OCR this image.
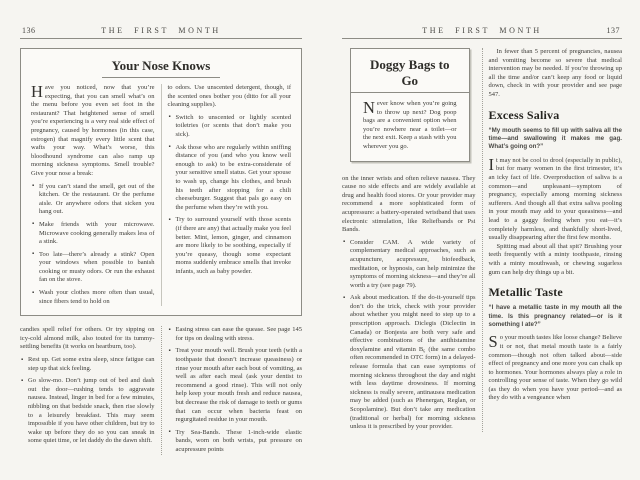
136	THE FIRST MONTH
Your Nose Knows

Have you noticed, now that you’re expecting, that you can smell what’s on the menu before you even set foot in the restaurant? That heightened sense of smell you’re experiencing is a very real side effect of pregnancy, caused by hormones (in this case, estrogen) that magnify every little scent that wafts your way. What’s worse, this bloodhound syndrome can also ramp up morning sickness symptoms. Smell trouble? Give your nose a break:

▪ If you can’t stand the smell, get out of the kitchen. Or the restaurant. Or the perfume aisle. Or anywhere odors that sicken you hang out.
▪ Make friends with your microwave. Microwave cooking generally makes less of a stink.
▪ Too late—there’s already a stink? Open your windows when possible to banish cooking or musty odors. Or run the exhaust fan on the stove.
▪ Wash your clothes more often than usual, since fibers tend to hold on

to odors. Use unscented detergent, though, if the scented ones bother you (ditto for all your cleaning supplies).

▪ Switch to unscented or lightly scented toiletries (or scents that don’t make you sick).
▪ Ask those who are regularly within sniffing distance of you (and who you know well enough to ask) to be extra-considerate of your sensitive smell status. Get your spouse to wash up, change his clothes, and brush his teeth after stopping for a chili cheeseburger. Suggest that pals go easy on the perfume when they’re with you.
▪ Try to surround yourself with those scents (if there are any) that actually make you feel better. Mint, lemon, ginger, and cinnamon are more likely to be soothing, especially if you’re queasy, though some expectant moms suddenly embrace smells that invoke infants, such as baby powder.

candies spell relief for others. Or try sipping on icy-cold almond milk, also touted for its tummy-settling benefits (it works on heartburn, too).

▪ Rest up. Get some extra sleep, since fatigue can step up that sick feeling.
▪ Go slow-mo. Don’t jump out of bed and dash out the door—rushing tends to aggravate nausea. Instead, linger in bed for a few minutes, nibbling on that bedside snack, then rise slowly to a leisurely breakfast. This may seem impossible if you have other children, but try to wake up before they do so you can sneak in some quiet time, or let daddy do the dawn shift.
▪ Easing stress can ease the quease. See page 145 for tips on dealing with stress.
▪ Treat your mouth well. Brush your teeth (with a toothpaste that doesn’t increase queasiness) or rinse your mouth after each bout of vomiting, as well as after each meal (ask your dentist to recommend a good rinse). This will not only help keep your mouth fresh and reduce nausea, but decrease the risk of damage to teeth or gums that can occur when bacteria feast on regurgitated residue in your mouth.
▪ Try Sea-Bands. These 1-inch-wide elastic bands, worn on both wrists, put pressure on acupressure points
THE FIRST MONTH	137
Doggy Bags to Go

Never know when you’re going to throw up next? Dog poop bags are a convenient option when you’re nowhere near a toilet—or the next exit. Keep a stash with you wherever you go.

on the inner wrists and often relieve nausea. They cause no side effects and are widely available at drug and health food stores. Or your provider may recommend a more sophisticated form of acupressure: a battery-operated wristband that uses electronic stimulation, like Reliefbands or Psi Bands.

▪ Consider CAM. A wide variety of complementary medical approaches, such as acupuncture, acupressure, biofeedback, meditation, or hypnosis, can help minimize the symptoms of morning sickness—and they’re all worth a try (see page 79).
▪ Ask about medication. If the do-it-yourself tips don’t do the trick, check with your provider about whether you might need to step up to a prescription approach. Diclegis (Diclectin in Canada) or Bonjesta are both very safe and effective combinations of the antihistamine doxylamine and vitamin B₆ (the same combo often recommended in OTC form) in a delayed-release formula that can ease symptoms of morning sickness throughout the day and night with less daytime drowsiness. If morning sickness is really severe, antinausea medication may be added (such as Phenergan, Reglan, or Scopolamine). But don’t take any medication (traditional or herbal) for morning sickness unless it is prescribed by your provider.

In fewer than 5 percent of pregnancies, nausea and vomiting become so severe that medical intervention may be needed. If you’re throwing up all the time and/or can’t keep any food or liquid down, check in with your provider and see page 547.

Excess Saliva

“My mouth seems to fill up with saliva all the time—and swallowing it makes me gag. What’s going on?”

It may not be cool to drool (especially in public), but for many women in the first trimester, it’s an icky fact of life. Overproduction of saliva is a common—and unpleasant—symptom of pregnancy, especially among morning sickness sufferers. And though all that extra saliva pooling in your mouth may add to your queasiness—and lead to a gaggy feeling when you eat—it’s completely harmless, and thankfully short-lived, usually disappearing after the first few months.

Spitting mad about all that spit? Brushing your teeth frequently with a minty toothpaste, rinsing with a minty mouthwash, or chewing sugarless gum can help dry things up a bit.

Metallic Taste

“I have a metallic taste in my mouth all the time. Is this pregnancy related—or is it something I ate?”

So your mouth tastes like loose change? Believe it or not, that metal mouth taste is a fairly common—though not often talked about—side effect of pregnancy and one more you can chalk up to hormones. Your hormones always play a role in controlling your sense of taste. When they go wild (as they do when you have your period—and as they do with a vengeance when
